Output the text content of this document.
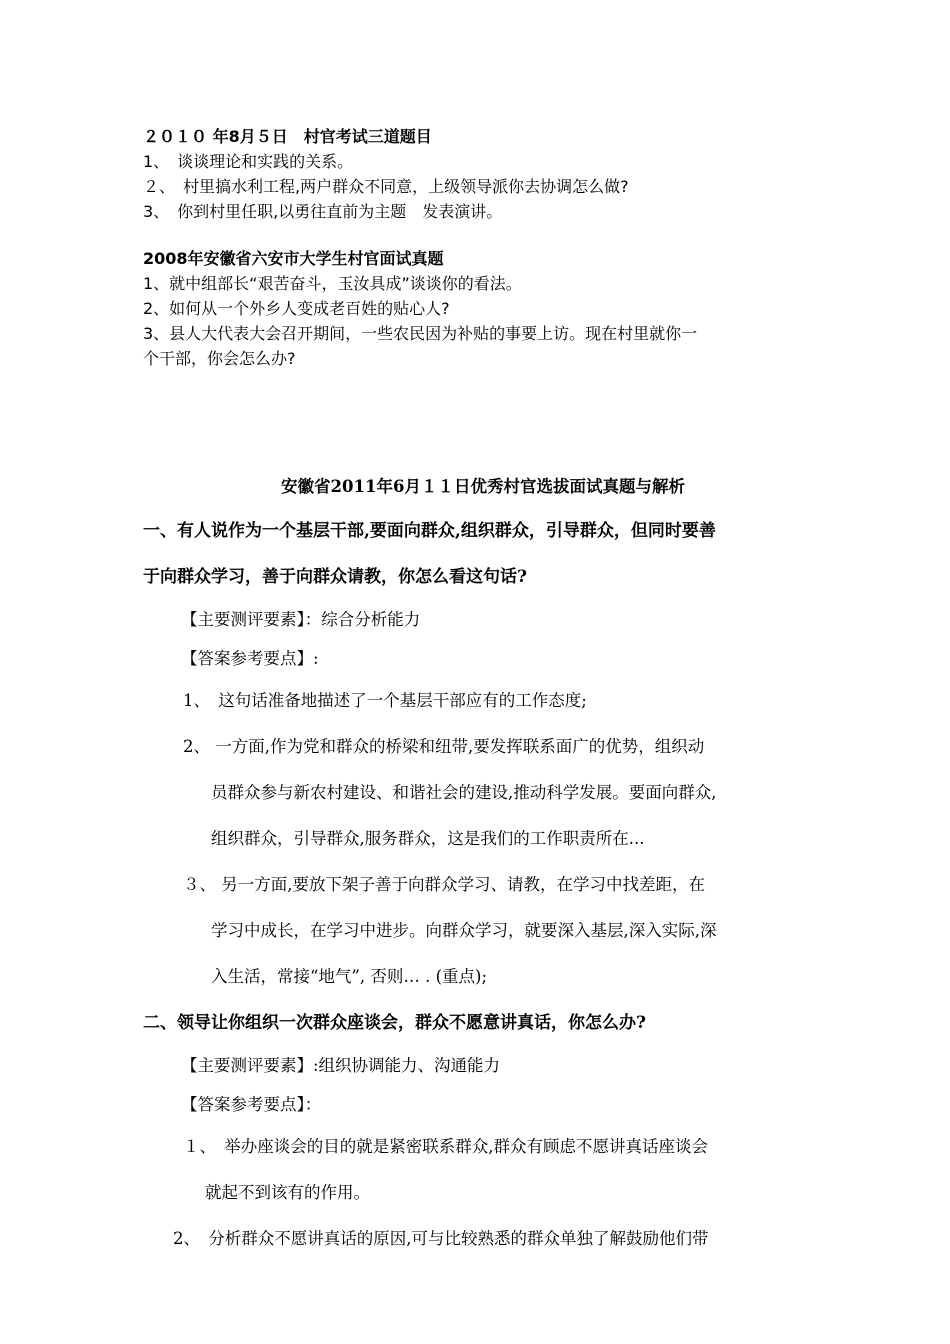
２０１０ 年8月５日　村官考试三道题目
1、　谈谈理论和实践的关系。
２、　村里搞水利工程,两户群众不同意，上级领导派你去协调怎么做?
3、　你到村里任职,以勇往直前为主题　发表演讲。
2008年安徽省六安市大学生村官面试真题
1、就中组部长“艰苦奋斗，玉汝具成”谈谈你的看法。
2、如何从一个外乡人变成老百姓的贴心人?
3、县人大代表大会召开期间，一些农民因为补贴的事要上访。现在村里就你一
个干部，你会怎么办?
安徽省2011年6月１１日优秀村官选拔面试真题与解析
一、有人说作为一个基层干部,要面向群众,组织群众，引导群众，但同时要善
于向群众学习，善于向群众请教，你怎么看这句话?
【主要测评要素】：综合分析能力
【答案参考要点】:
1、　这句话准备地描述了一个基层干部应有的工作态度;
2、 一方面,作为党和群众的桥梁和纽带,要发挥联系面广的优势，组织动
员群众参与新农村建设、和谐社会的建设,推动科学发展。要面向群众,
组织群众，引导群众,服务群众，这是我们的工作职责所在...
３、 另一方面,要放下架子善于向群众学习、请教，在学习中找差距，在
学习中成长，在学习中进步。向群众学习，就要深入基层,深入实际,深
入生活，常接“地气”, 否则… . (重点);
二、领导让你组织一次群众座谈会，群众不愿意讲真话，你怎么办?
【主要测评要素】:组织协调能力、沟通能力
【答案参考要点】：
１、　举办座谈会的目的就是紧密联系群众,群众有顾虑不愿讲真话座谈会
就起不到该有的作用。
2、　分析群众不愿讲真话的原因,可与比较熟悉的群众单独了解鼓励他们带
